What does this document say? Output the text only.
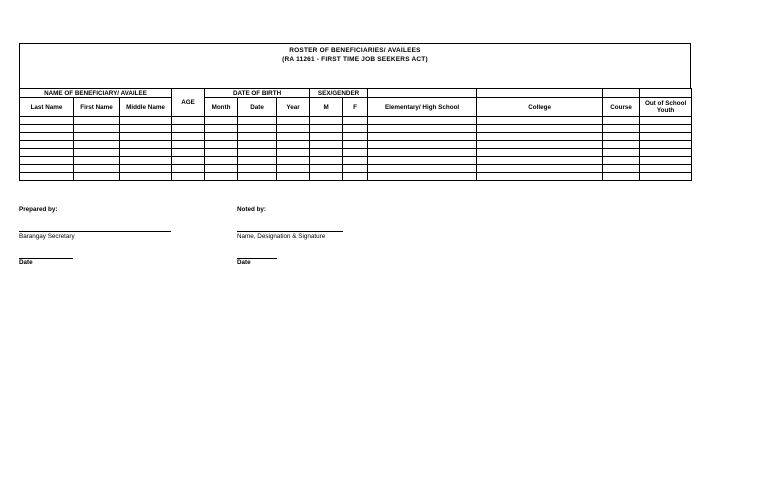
ROSTER OF BENEFICIARIES/ AVAILEES
(RA 11261 - FIRST TIME JOB SEEKERS ACT)
NAME OF BENEFICIARY/ AVAILEE			AGE	DATE OF BIRTH			SEX/GENDER					
Last Name	First Name	Middle Name		Month	Date	Year	M	F	Elementary/ High School	College	Course	Out of School Youth

Prepared by:
Barangay Secretary
Date
Noted by:
Name, Designation & Signature
Date
